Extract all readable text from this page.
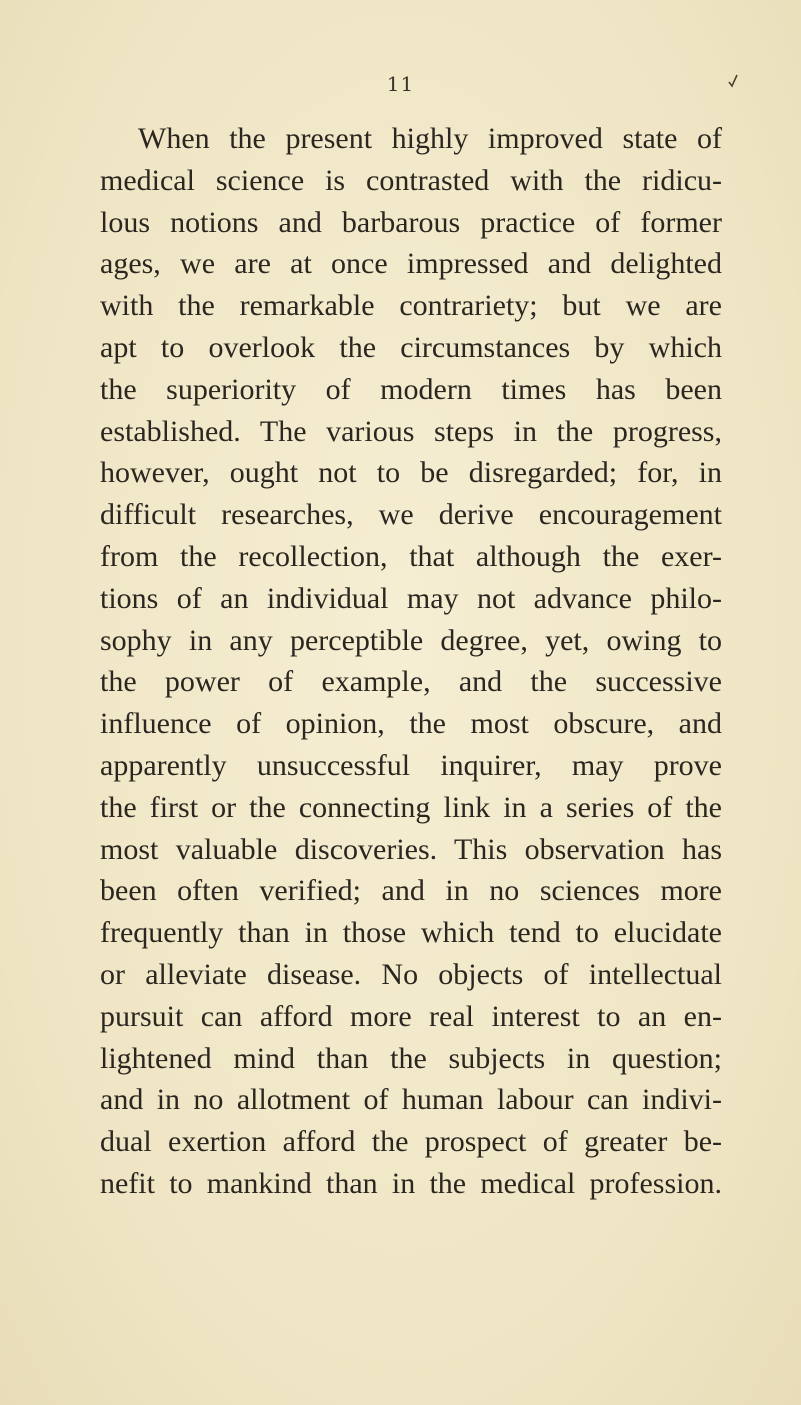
11
When the present highly improved state of
medical science is contrasted with the ridicu-
lous notions and barbarous practice of former
ages, we are at once impressed and delighted
with the remarkable contrariety; but we are
apt to overlook the circumstances by which
the superiority of modern times has been
established. The various steps in the progress,
however, ought not to be disregarded; for, in
difficult researches, we derive encouragement
from the recollection, that although the exer-
tions of an individual may not advance philo-
sophy in any perceptible degree, yet, owing to
the power of example, and the successive
influence of opinion, the most obscure, and
apparently unsuccessful inquirer, may prove
the first or the connecting link in a series of the
most valuable discoveries. This observation has
been often verified; and in no sciences more
frequently than in those which tend to elucidate
or alleviate disease. No objects of intellectual
pursuit can afford more real interest to an en-
lightened mind than the subjects in question;
and in no allotment of human labour can indivi-
dual exertion afford the prospect of greater be-
nefit to mankind than in the medical profession.
